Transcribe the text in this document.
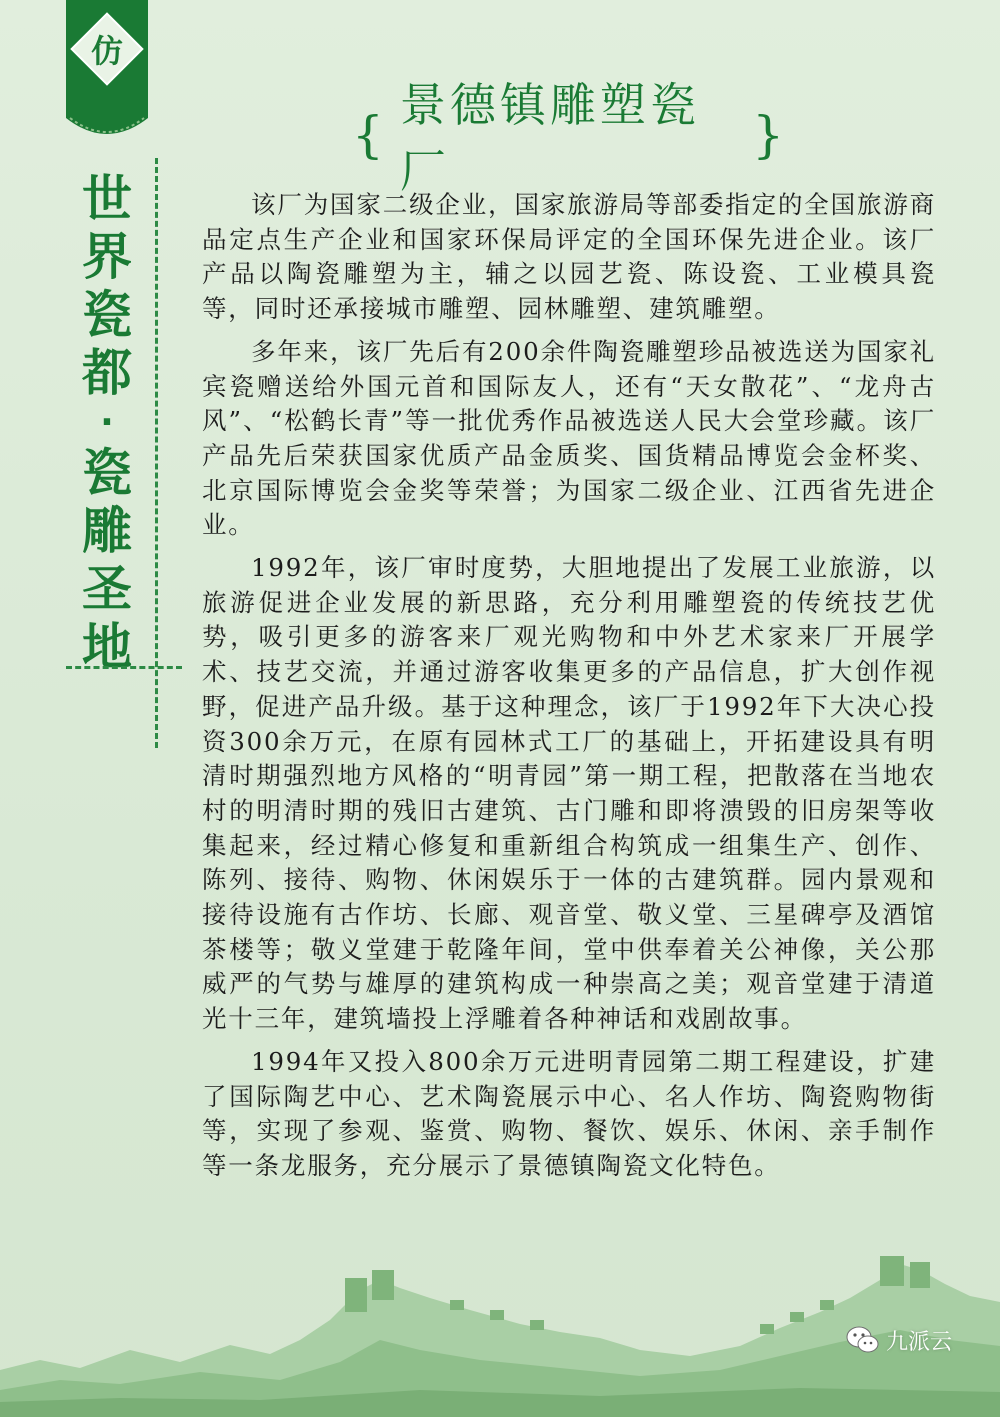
仿
世
界
瓷
都
·
瓷
雕
圣
地
{
景德镇雕塑瓷厂
}

该厂为国家二级企业，国家旅游局等部委指定的全国旅游商品定点生产企业和国家环保局评定的全国环保先进企业。该厂产品以陶瓷雕塑为主，辅之以园艺瓷、陈设瓷、工业模具瓷等，同时还承接城市雕塑、园林雕塑、建筑雕塑。

多年来，该厂先后有200余件陶瓷雕塑珍品被选送为国家礼宾瓷赠送给外国元首和国际友人，还有“天女散花”、“龙舟古风”、“松鹤长青”等一批优秀作品被选送人民大会堂珍藏。该厂产品先后荣获国家优质产品金质奖、国货精品博览会金杯奖、北京国际博览会金奖等荣誉；为国家二级企业、江西省先进企业。

1992年，该厂审时度势，大胆地提出了发展工业旅游，以旅游促进企业发展的新思路，充分利用雕塑瓷的传统技艺优势，吸引更多的游客来厂观光购物和中外艺术家来厂开展学术、技艺交流，并通过游客收集更多的产品信息，扩大创作视野，促进产品升级。基于这种理念，该厂于1992年下大决心投资300余万元，在原有园林式工厂的基础上，开拓建设具有明清时期强烈地方风格的“明青园”第一期工程，把散落在当地农村的明清时期的残旧古建筑、古门雕和即将溃毁的旧房架等收集起来，经过精心修复和重新组合构筑成一组集生产、创作、陈列、接待、购物、休闲娱乐于一体的古建筑群。园内景观和接待设施有古作坊、长廊、观音堂、敬义堂、三星碑亭及酒馆茶楼等；敬义堂建于乾隆年间，堂中供奉着关公神像，关公那威严的气势与雄厚的建筑构成一种崇高之美；观音堂建于清道光十三年，建筑墙投上浮雕着各种神话和戏剧故事。

1994年又投入800余万元进明青园第二期工程建设，扩建了国际陶艺中心、艺术陶瓷展示中心、名人作坊、陶瓷购物街等，实现了参观、鉴赏、购物、餐饮、娱乐、休闲、亲手制作等一条龙服务，充分展示了景德镇陶瓷文化特色。

九派云
